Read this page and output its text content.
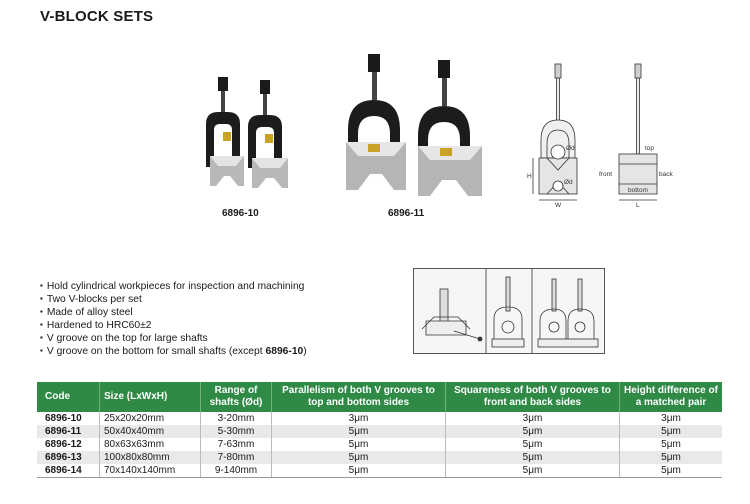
V-BLOCK SETS
6896-10	6896-11
Ød
Ød
H
W
top
front	back
bottom
L
▪ Hold cylindrical workpieces for inspection and machining
▪ Two V-blocks per set
▪ Made of alloy steel
▪ Hardened to HRC60±2
▪ V groove on the top for large shafts
▪ V groove on the bottom for small shafts (except 6896-10)
Code	Size (LxWxH)	Range of shafts (Ød)	Parallelism of both V grooves to top and bottom sides	Squareness of both V grooves to front and back sides	Height difference of a matched pair
6896-10	25x20x20mm	3-20mm	3μm	3μm	3μm
6896-11	50x40x40mm	5-30mm	5μm	5μm	5μm
6896-12	80x63x63mm	7-63mm	5μm	5μm	5μm
6896-13	100x80x80mm	7-80mm	5μm	5μm	5μm
6896-14	70x140x140mm	9-140mm	5μm	5μm	5μm
